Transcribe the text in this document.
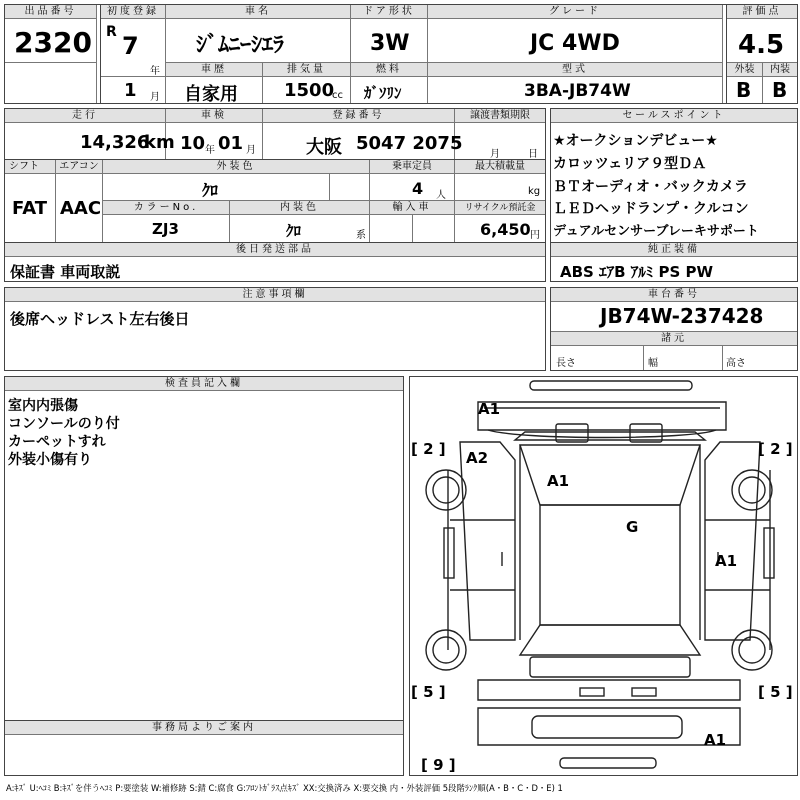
出品番号
2320
初度登録
R 7
年
1 月
車名
ｼﾞﾑﾆｰｼｴﾗ
ドア形状
3W
グレード
JC 4WD
評価点
4.5
車歴
自家用
排気量
1500
cc
燃料
ｶﾞｿﾘﾝ
型式
3BA-JB74W
外装	内装
B B
走行
14,326
km
車検
10 年 01 月
登録番号
大阪 5047 2075
譲渡書類期限
月	日
シフト	エアコン
FAT AAC
外装色
ｸﾛ
乗車定員
4 人
最大積載量
kg
カラーNo.
ZJ3
内装色
ｸﾛ	系
輸入車	リサイクル預託金
6,450 円
後日発送部品
保証書 車両取説
セールスポイント
★オークションデビュー★
カロッツェリア９型ＤＡ
ＢＴオーディオ・バックカメラ
ＬＥＤヘッドランプ・クルコン
デュアルセンサーブレーキサポート
純正装備
ABS ｴｱB ｱﾙﾐ PS PW
注意事項欄
後席ヘッドレスト左右後日
車台番号
JB74W-237428
諸元
長さ	幅	高さ
検査員記入欄
室内内張傷
コンソールのり付
カーペットすれ
外装小傷有り
事務局よりご案内
A1
A2
A1
G
A1
A1
[ 2 ]	[ 2 ]
[ 5 ]	[ 5 ]
[ 9 ]
A:ｷｽﾞ U:ﾍｺﾐ B:ｷｽﾞを伴うﾍｺﾐ P:要塗装 W:補修跡 S:錆 C:腐食 G:ﾌﾛﾝﾄｶﾞﾗｽ点ｷｽﾞ XX:交換済み X:要交換 内・外装評価 5段階ﾗﾝｸ順(A・B・C・D・E) 1
